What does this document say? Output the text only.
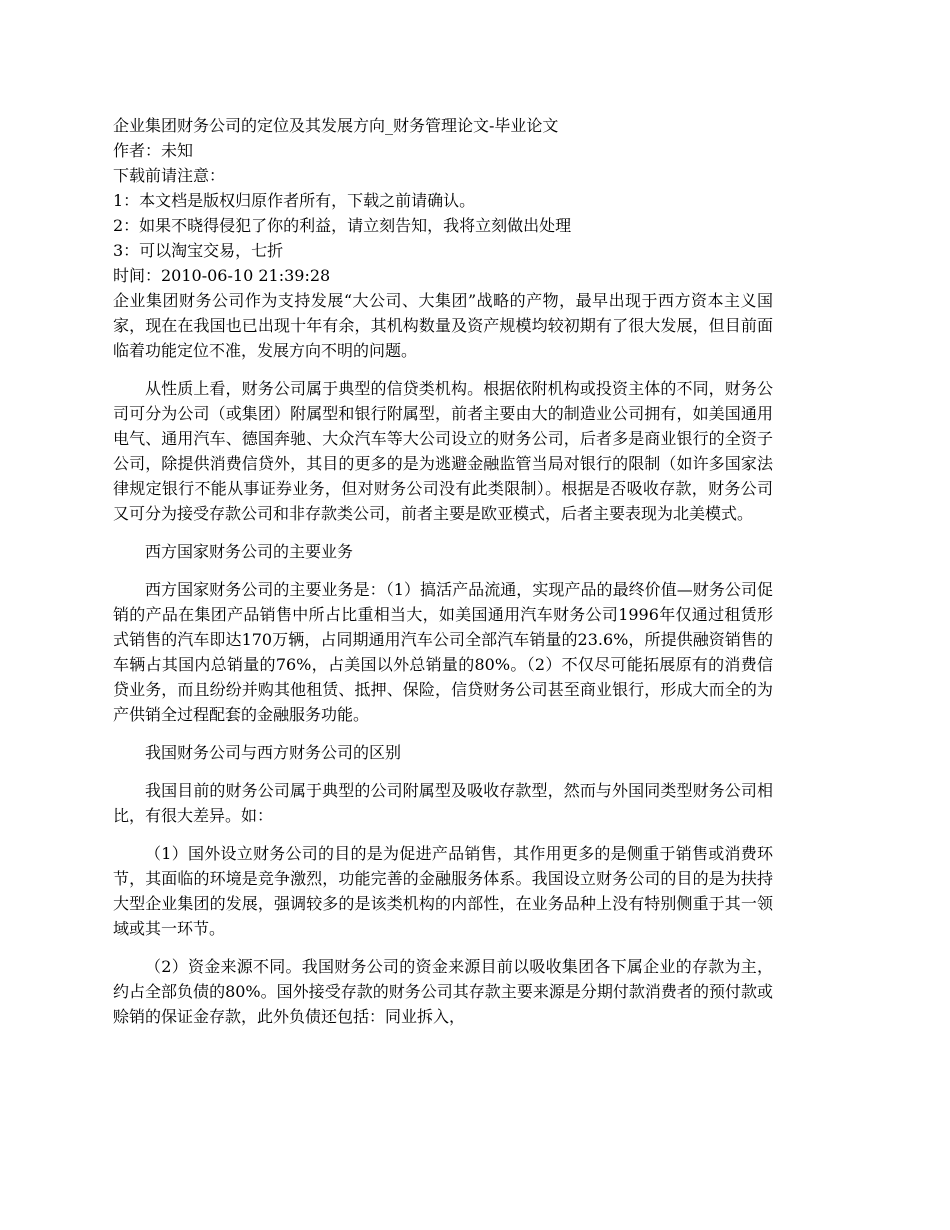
企业集团财务公司的定位及其发展方向_财务管理论文-毕业论文
作者：未知
下载前请注意：
1：本文档是版权归原作者所有，下载之前请确认。
2：如果不晓得侵犯了你的利益，请立刻告知，我将立刻做出处理
3：可以淘宝交易，七折
时间：2010-06-10 21:39:28

企业集团财务公司作为支持发展“大公司、大集团”战略的产物，最早出现于西方资本主义国家，现在在我国也已出现十年有余，其机构数量及资产规模均较初期有了很大发展，但目前面临着功能定位不准，发展方向不明的问题。

从性质上看，财务公司属于典型的信贷类机构。根据依附机构或投资主体的不同，财务公司可分为公司（或集团）附属型和银行附属型，前者主要由大的制造业公司拥有，如美国通用电气、通用汽车、德国奔驰、大众汽车等大公司设立的财务公司，后者多是商业银行的全资子公司，除提供消费信贷外，其目的更多的是为逃避金融监管当局对银行的限制（如许多国家法律规定银行不能从事证券业务，但对财务公司没有此类限制）。根据是否吸收存款，财务公司又可分为接受存款公司和非存款类公司，前者主要是欧亚模式，后者主要表现为北美模式。

西方国家财务公司的主要业务

西方国家财务公司的主要业务是：（1）搞活产品流通，实现产品的最终价值—财务公司促销的产品在集团产品销售中所占比重相当大，如美国通用汽车财务公司1996年仅通过租赁形式销售的汽车即达170万辆，占同期通用汽车公司全部汽车销量的23.6%，所提供融资销售的车辆占其国内总销量的76%，占美国以外总销量的80%。（2）不仅尽可能拓展原有的消费信贷业务，而且纷纷并购其他租赁、抵押、保险，信贷财务公司甚至商业银行，形成大而全的为产供销全过程配套的金融服务功能。

我国财务公司与西方财务公司的区别

我国目前的财务公司属于典型的公司附属型及吸收存款型，然而与外国同类型财务公司相比，有很大差异。如：

（1）国外设立财务公司的目的是为促进产品销售，其作用更多的是侧重于销售或消费环节，其面临的环境是竞争激烈，功能完善的金融服务体系。我国设立财务公司的目的是为扶持大型企业集团的发展，强调较多的是该类机构的内部性，在业务品种上没有特别侧重于其一领域或其一环节。

（2）资金来源不同。我国财务公司的资金来源目前以吸收集团各下属企业的存款为主，约占全部负债的80%。国外接受存款的财务公司其存款主要来源是分期付款消费者的预付款或赊销的保证金存款，此外负债还包括：同业拆入，
